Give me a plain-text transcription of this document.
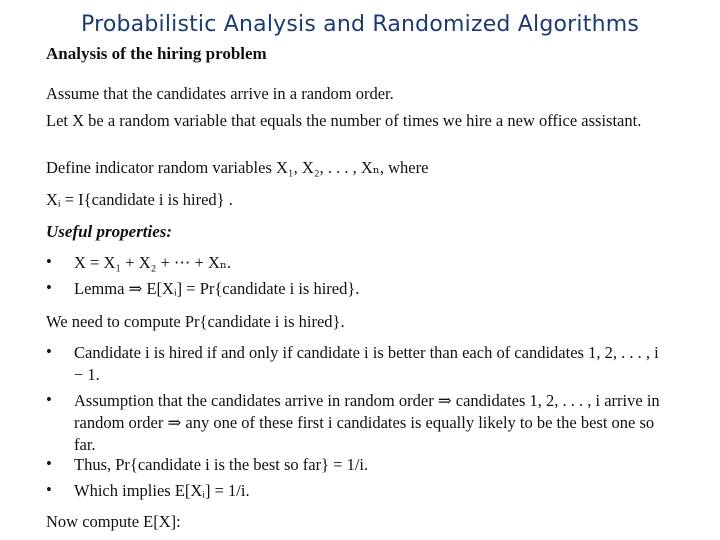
Probabilistic Analysis and Randomized Algorithms
Analysis of the hiring problem
Assume that the candidates arrive in a random order.
Let X be a random variable that equals the number of times we hire a new office assistant.
Define indicator random variables X₁, X₂, . . . , Xₙ, where
Xᵢ = I{candidate i is hired} .
Useful properties:
• X = X₁ + X₂ + ⋯ + Xₙ.
• Lemma ⇒ E[Xᵢ] = Pr{candidate i is hired}.
We need to compute Pr{candidate i is hired}.
• Candidate i is hired if and only if candidate i is better than each of candidates 1, 2, . . . , i − 1.
• Assumption that the candidates arrive in random order ⇒ candidates 1, 2, . . . , i arrive in random order ⇒ any one of these first i candidates is equally likely to be the best one so far.
• Thus, Pr{candidate i is the best so far} = 1/i.
• Which implies E[Xᵢ] = 1/i.
Now compute E[X]:
